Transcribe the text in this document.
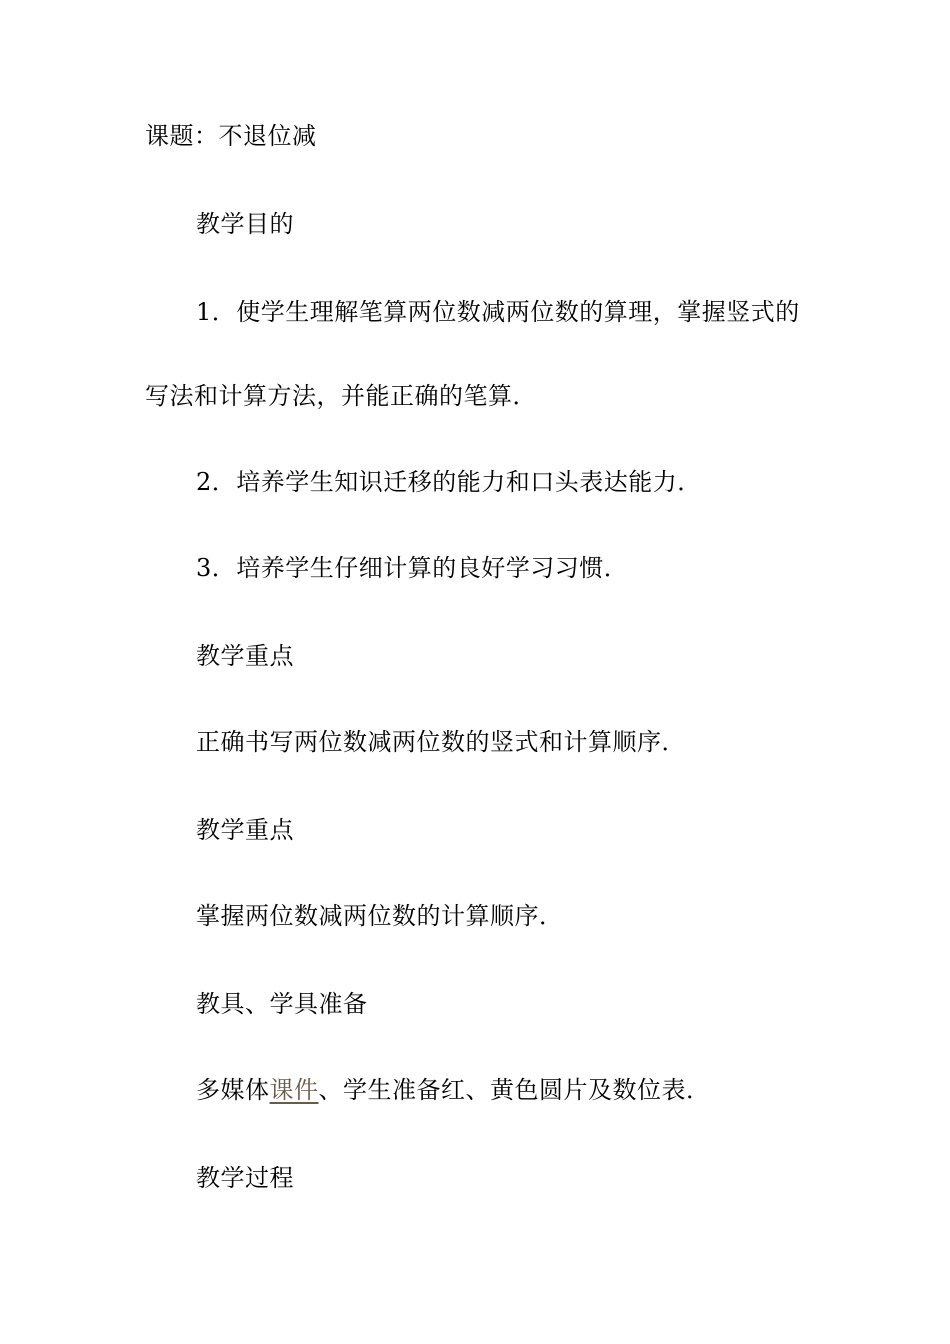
课题：不退位减
教学目的
1．使学生理解笔算两位数减两位数的算理，掌握竖式的
写法和计算方法，并能正确的笔算．
2．培养学生知识迁移的能力和口头表达能力．
3．培养学生仔细计算的良好学习习惯．
教学重点
正确书写两位数减两位数的竖式和计算顺序．
教学重点
掌握两位数减两位数的计算顺序．
教具、学具准备
多媒体课件、学生准备红、黄色圆片及数位表．
教学过程
